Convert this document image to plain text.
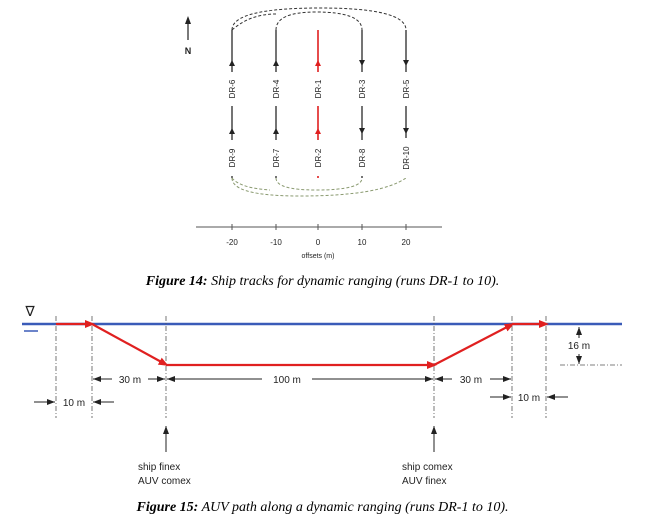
N
DR-6	DR-4	DR-1	DR-3	DR-5
DR-9	DR-7	DR-2	DR-8	DR-10
-20	-10	0	10	20
offsets (m)
∇
16 m
30 m	100 m	30 m
10 m	10 m
ship finex
AUV comex
ship comex
AUV finex
Figure 14: Ship tracks for dynamic ranging (runs DR-1 to 10).
Figure 15: AUV path along a dynamic ranging (runs DR-1 to 10).
